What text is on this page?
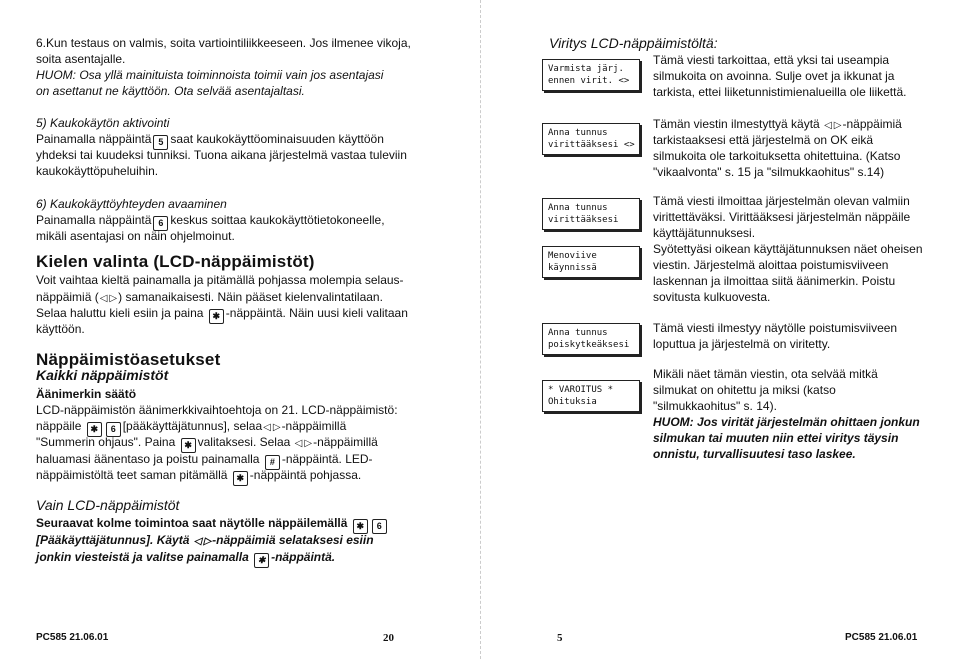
6.Kun testaus on valmis, soita vartiointiliikkeeseen. Jos ilmenee vikoja,
soita asentajalle.
HUOM: Osa yllä mainituista toiminnoista toimii vain jos asentajasi
on asettanut ne käyttöön. Ota selvää asentajaltasi.
5) Kaukokäytön aktivointi
Painamalla näppäintä 5 saat kaukokäyttöominaisuuden käyttöön
yhdeksi tai kuudeksi tunniksi. Tuona aikana järjestelmä vastaa tuleviin
kaukokäyttöpuheluihin.
6) Kaukokäyttöyhteyden avaaminen
Painamalla näppäintä 6 keskus soittaa kaukokäyttötietokoneelle,
mikäli asentajasi on näin ohjelmoinut.
Kielen valinta (LCD-näppäimistöt)
Voit vaihtaa kieltä painamalla ja pitämällä pohjassa molempia selaus-
näppäimiä (◁ ▷) samanaikaisesti. Näin pääset kielenvalintatilaan.
Selaa haluttu kieli esiin ja paina ✱ -näppäintä. Näin uusi kieli valitaan
käyttöön.
Näppäimistöasetukset
Kaikki näppäimistöt
Äänimerkin säätö
LCD-näppäimistön äänimerkkivaihtoehtoja on 21. LCD-näppäimistö:
näppäile ✱ 6 [pääkäyttäjätunnus], selaa◁ ▷-näppäimillä
"Summerin ohjaus". Paina ✱ valitaksesi. Selaa ◁ ▷-näppäimillä
haluamasi äänentaso ja poistu painamalla # -näppäintä. LED-
näppäimistöltä teet saman pitämällä ✱ -näppäintä pohjassa.
Vain LCD-näppäimistöt
Seuraavat kolme toimintoa saat näytölle näppäilemällä ✱ 6
[Pääkäyttäjätunnus]. Käytä ◁ ▷-näppäimiä selataksesi esiin
jonkin viesteistä ja valitse painamalla ✱ -näppäintä.
PC585 21.06.01	20
Viritys LCD-näppäimistöltä:
Varmista järj.
ennen virit. <>
Tämä viesti tarkoittaa, että yksi tai useampia
silmukoita on avoinna. Sulje ovet ja ikkunat ja
tarkista, ettei liiketunnistimienalueilla ole liikettä.
Anna tunnus
virittääksesi <>
Tämän viestin ilmestyttyä käytä ◁ ▷-näppäimiä
tarkistaaksesi että järjestelmä on OK eikä
silmukoita ole tarkoituksetta ohitettuina. (Katso
"vikaalvonta" s. 15 ja "silmukkaohitus" s.14)
Anna tunnus
virittääksesi
Tämä viesti ilmoittaa järjestelmän olevan valmiin
virittettäväksi. Virittääksesi järjestelmän näppäile
käyttäjätunnuksesi.
Syötettyäsi oikean käyttäjätunnuksen näet oheisen
viestin. Järjestelmä aloittaa poistumisviiveen
laskennan ja ilmoittaa siitä äänimerkin. Poistu
sovitusta kulkuovesta.
Menoviive
käynnissä
Anna tunnus
poiskytkeäksesi
Tämä viesti ilmestyy näytölle poistumisviiveen
loputtua ja järjestelmä on viritetty.
* VAROITUS *
Ohituksia
Mikäli näet tämän viestin, ota selvää mitkä
silmukat on ohitettu ja miksi (katso
"silmukkaohitus" s. 14).
HUOM: Jos virität järjestelmän ohittaen jonkun
silmukan tai muuten niin ettei viritys täysin
onnistu, turvallisuutesi taso laskee.
5	PC585 21.06.01
